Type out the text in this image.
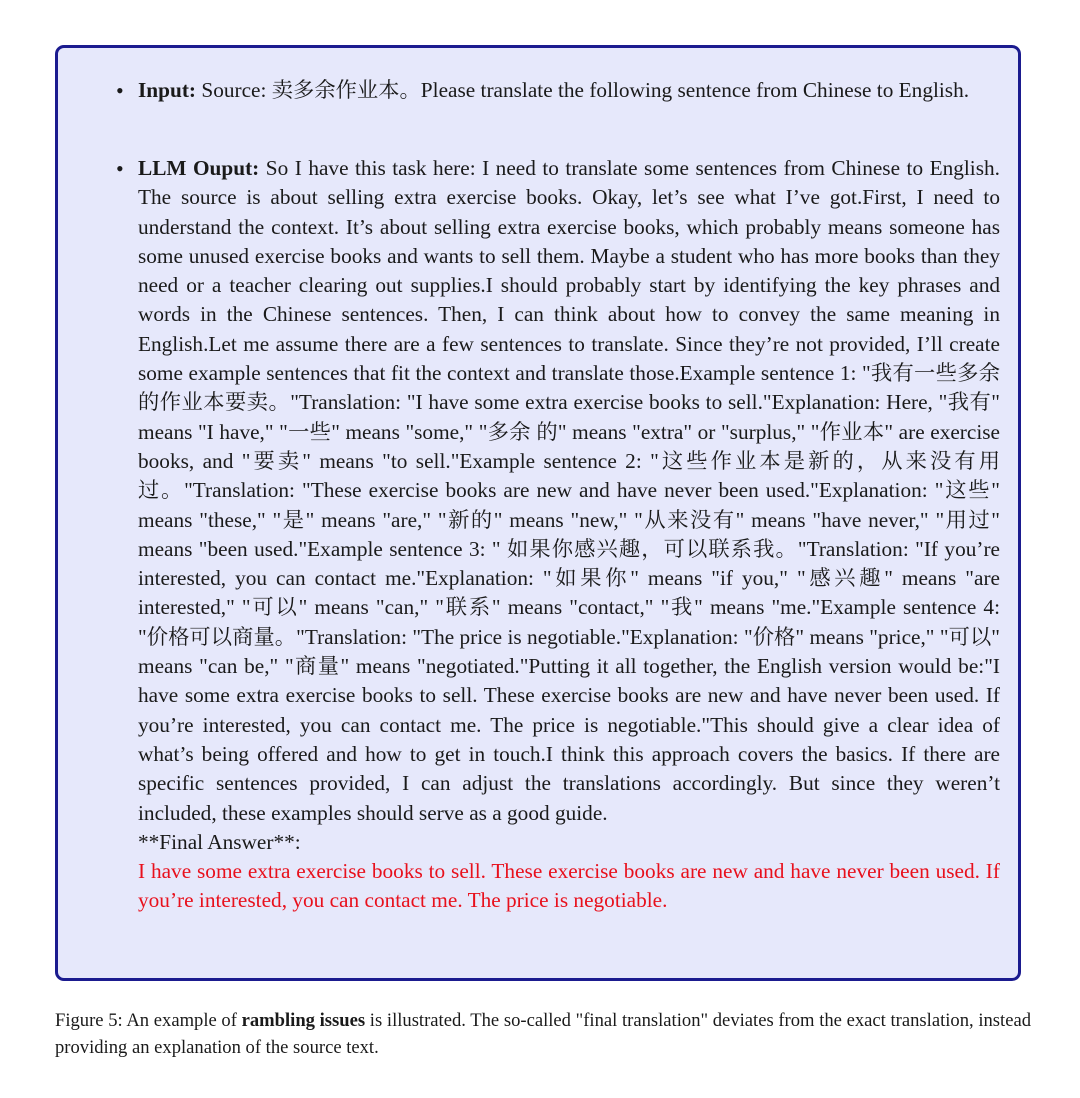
• Input: Source: 卖多余作业本。Please translate the following sentence from Chinese to English.
• LLM Ouput: So I have this task here: I need to translate some sentences from Chinese to English. The source is about selling extra exercise books. Okay, let’s see what I’ve got.First, I need to understand the context. It’s about selling extra exercise books, which probably means someone has some unused exercise books and wants to sell them. Maybe a student who has more books than they need or a teacher clearing out supplies.I should probably start by identifying the key phrases and words in the Chinese sentences. Then, I can think about how to convey the same meaning in English.Let me assume there are a few sentences to translate. Since they’re not provided, I’ll create some example sentences that fit the context and translate those.Example sentence 1: "我有一些多余的作业本要卖。"Translation: "I have some extra exercise books to sell."Explanation: Here, "我有" means "I have," "一些" means "some," "多余 的" means "extra" or "surplus," "作业本" are exercise books, and "要卖" means "to sell."Example sentence 2: "这些作业本是新的，从来没有用过。"Translation: "These exercise books are new and have never been used."Explanation: "这些" means "these," "是" means "are," "新的" means "new," "从来没有" means "have never," "用过" means "been used."Example sentence 3: " 如果你感兴趣，可以联系我。"Translation: "If you’re interested, you can contact me."Explanation: "如果你" means "if you," "感兴趣" means "are interested," "可以" means "can," "联系" means "contact," "我" means "me."Example sentence 4: "价格可以商量。"Translation: "The price is negotiable."Explanation: "价格" means "price," "可以" means "can be," "商量" means "negotiated."Putting it all together, the English version would be:"I have some extra exercise books to sell. These exercise books are new and have never been used. If you’re interested, you can contact me. The price is negotiable."This should give a clear idea of what’s being offered and how to get in touch.I think this approach covers the basics. If there are specific sentences provided, I can adjust the translations accordingly. But since they weren’t included, these examples should serve as a good guide.
**Final Answer**:
I have some extra exercise books to sell. These exercise books are new and have never been used. If you’re interested, you can contact me. The price is negotiable.
Figure 5: An example of rambling issues is illustrated. The so-called "final translation" deviates from the exact translation, instead providing an explanation of the source text.
